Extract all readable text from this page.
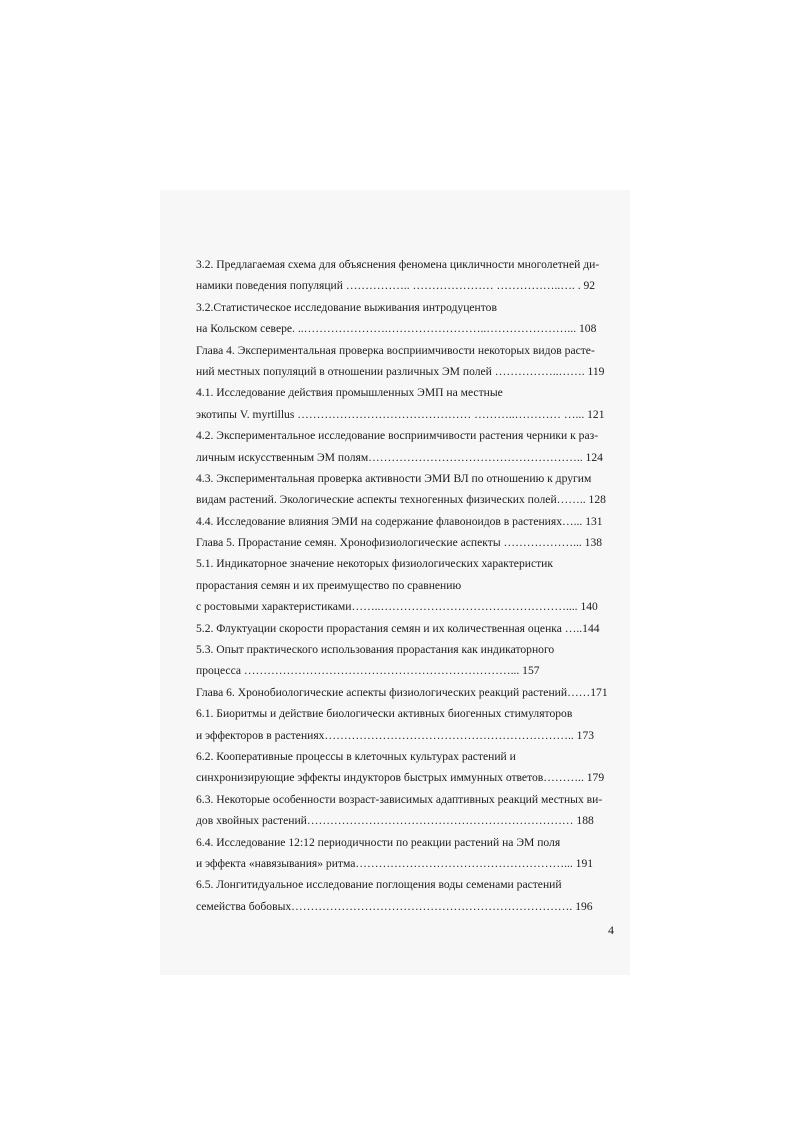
3.2. Предлагаемая схема для объяснения феномена цикличности многолетней ди-
намики поведения популяций …………….. ………………… ……………..…. . 92
3.2.Статистическое исследование выживания интродуцентов
на Кольском севере. ..………………….……………………..…………………... 108
Глава 4. Экспериментальная проверка восприимчивости некоторых видов расте-
ний местных популяций в отношении различных ЭМ полей ……………..……. 119
4.1. Исследование действия промышленных ЭМП на местные
экотипы V. myrtillus ……………………………………… ………..………… …... 121
4.2. Экспериментальное исследование восприимчивости растения черники к раз-
личным искусственным ЭМ полям……………………………………………….. 124
4.3. Экспериментальная проверка активности ЭМИ ВЛ по отношению к другим
видам растений. Экологические аспекты техногенных физических полей…….. 128
4.4. Исследование влияния ЭМИ на содержание флавоноидов в растениях…... 131
Глава 5. Прорастание семян. Хронофизиологические аспекты ………………... 138
5.1. Индикаторное значение некоторых физиологических характеристик
прорастания семян и их преимущество по сравнению
с ростовыми характеристиками……..………………………………………….... 140
5.2. Флуктуации скорости прорастания семян и их количественная оценка …..144
5.3. Опыт практического использования прорастания как индикаторного
процесса ……………………………………………………………... 157
Глава 6. Хронобиологические аспекты физиологических реакций растений……171
6.1. Биоритмы и действие биологически активных биогенных стимуляторов
и эффекторов в растениях……………………………………………………….. 173
6.2. Кооперативные процессы в клеточных культурах растений и
синхронизирующие эффекты индукторов быстрых иммунных ответов……….. 179
6.3. Некоторые особенности возраст-зависимых адаптивных реакций местных ви-
дов хвойных растений…………………………………………………………… 188
6.4. Исследование 12:12 периодичности по реакции растений на ЭМ поля
и эффекта «навязывания» ритма………………………………………………... 191
6.5. Лонгитидуальное исследование поглощения воды семенами растений
семейства бобовых………………………………………………………………. 196
4
